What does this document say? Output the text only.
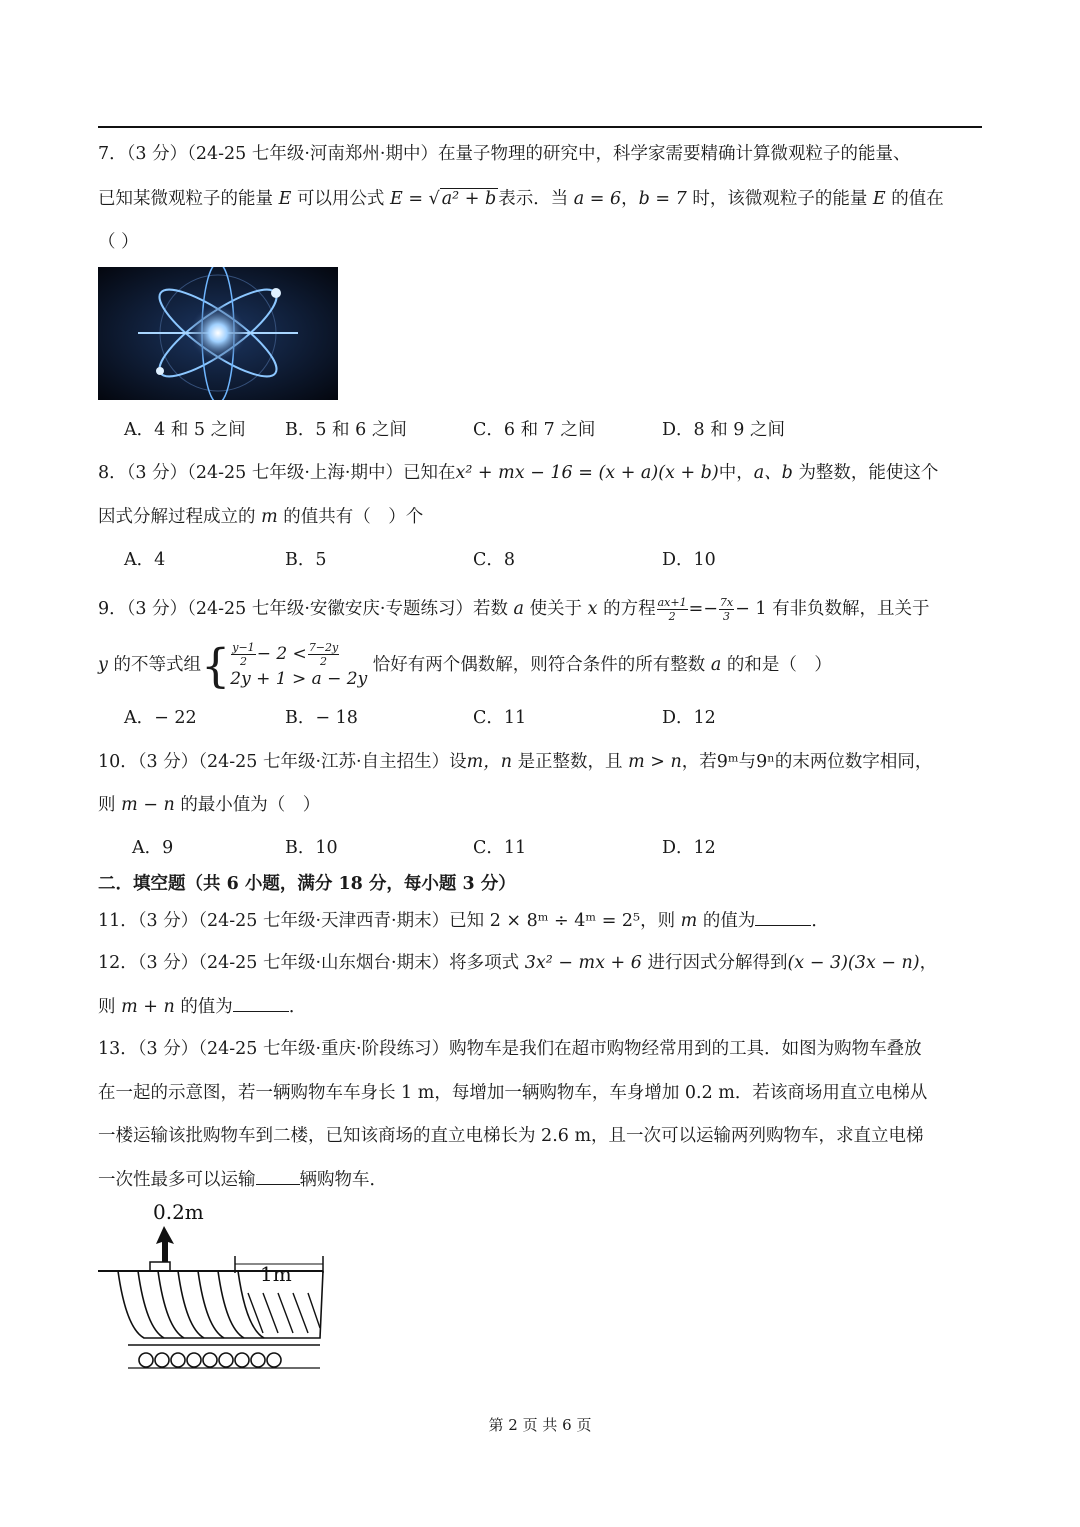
7．（3 分）（24-25 七年级·河南郑州·期中）在量子物理的研究中，科学家需要精确计算微观粒子的能量、
已知某微观粒子的能量 E 可以用公式 E = √ a² + b 表示．当 a = 6，b = 7 时，该微观粒子的能量 E 的值在
（ ）
A．4 和 5 之间 B．5 和 6 之间	C．6 和 7 之间	D．8 和 9 之间
8．（3 分）（24-25 七年级·上海·期中）已知在x² + mx − 16 = (x + a)(x + b)中，a、b 为整数，能使这个
因式分解过程成立的 m 的值共有（　）个
A．4	B．5	C．8	D．10
9．（3 分）（24-25 七年级·安徽安庆·专题练习）若数 a 使关于 x 的方程 $\frac{ax+1}{2} =- \frac{7x}{3} - 1$ 有非负数解，且关于
y 的不等式组{ $\frac{y-1}{2} - 2 < \frac{7-2y}{2}$
2y + 1 > a − 2y
恰好有两个偶数解，则符合条件的所有整数 a 的和是（　）
A．− 22	B．− 18	C．11	D．12
10．（3 分）（24-25 七年级·江苏·自主招生）设m，n 是正整数，且 m > n，若9ᵐ与9ⁿ的末两位数字相同，
则 m − n 的最小值为（　）
A．9	B．10	C．11	D．12
二．填空题（共 6 小题，满分 18 分，每小题 3 分）
11．（3 分）（24-25 七年级·天津西青·期末）已知 2 × 8ᵐ ÷ 4ᵐ = 2⁵，则 m 的值为	．
12．（3 分）（24-25 七年级·山东烟台·期末）将多项式 3x² − mx + 6 进行因式分解得到(x − 3)(3x − n)，
则 m + n 的值为	．
13．（3 分）（24-25 七年级·重庆·阶段练习）购物车是我们在超市购物经常用到的工具．如图为购物车叠放
在一起的示意图，若一辆购物车车身长 1 m，每增加一辆购物车，车身增加 0.2 m．若该商场用直立电梯从
一楼运输该批购物车到二楼，已知该商场的直立电梯长为 2.6 m，且一次可以运输两列购物车，求直立电梯
一次性最多可以运输	辆购物车．
0.2m
1m
第 2 页 共 6 页
